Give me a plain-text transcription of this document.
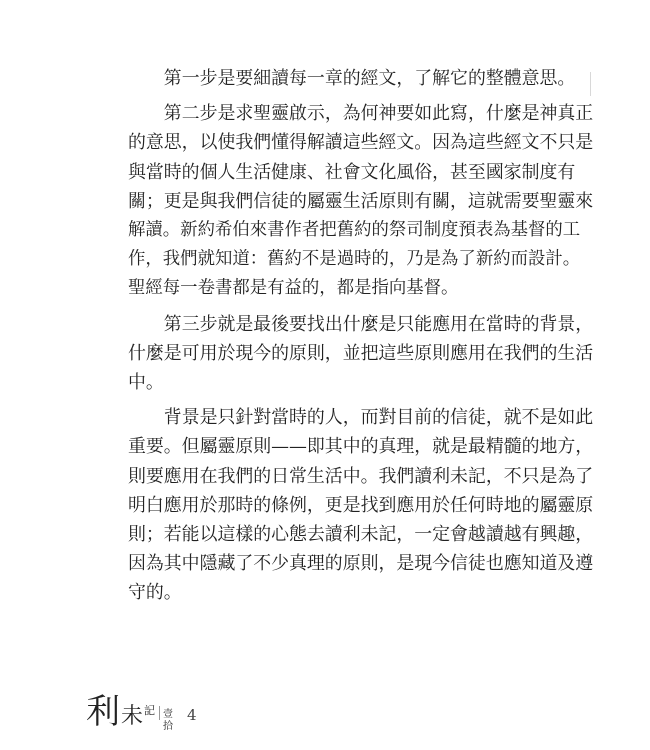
第一步是要細讀每一章的經文，了解它的整體意思。

第二步是求聖靈啟示，為何神要如此寫，什麼是神真正
的意思，以使我們懂得解讀這些經文。因為這些經文不只是
與當時的個人生活健康、社會文化風俗，甚至國家制度有
關；更是與我們信徒的屬靈生活原則有關，這就需要聖靈來
解讀。新約希伯來書作者把舊約的祭司制度預表為基督的工
作，我們就知道：舊約不是過時的，乃是為了新約而設計。
聖經每一卷書都是有益的，都是指向基督。

第三步就是最後要找出什麼是只能應用在當時的背景，
什麼是可用於現今的原則，並把這些原則應用在我們的生活
中。

背景是只針對當時的人，而對目前的信徒，就不是如此
重要。但屬靈原則——即其中的真理，就是最精髓的地方，
則要應用在我們的日常生活中。我們讀利未記，不只是為了
明白應用於那時的條例，更是找到應用於任何時地的屬靈原
則；若能以這樣的心態去讀利未記，一定會越讀越有興趣，
因為其中隱藏了不少真理的原則，是現今信徒也應知道及遵
守的。

利 未 記 壹拾
4
